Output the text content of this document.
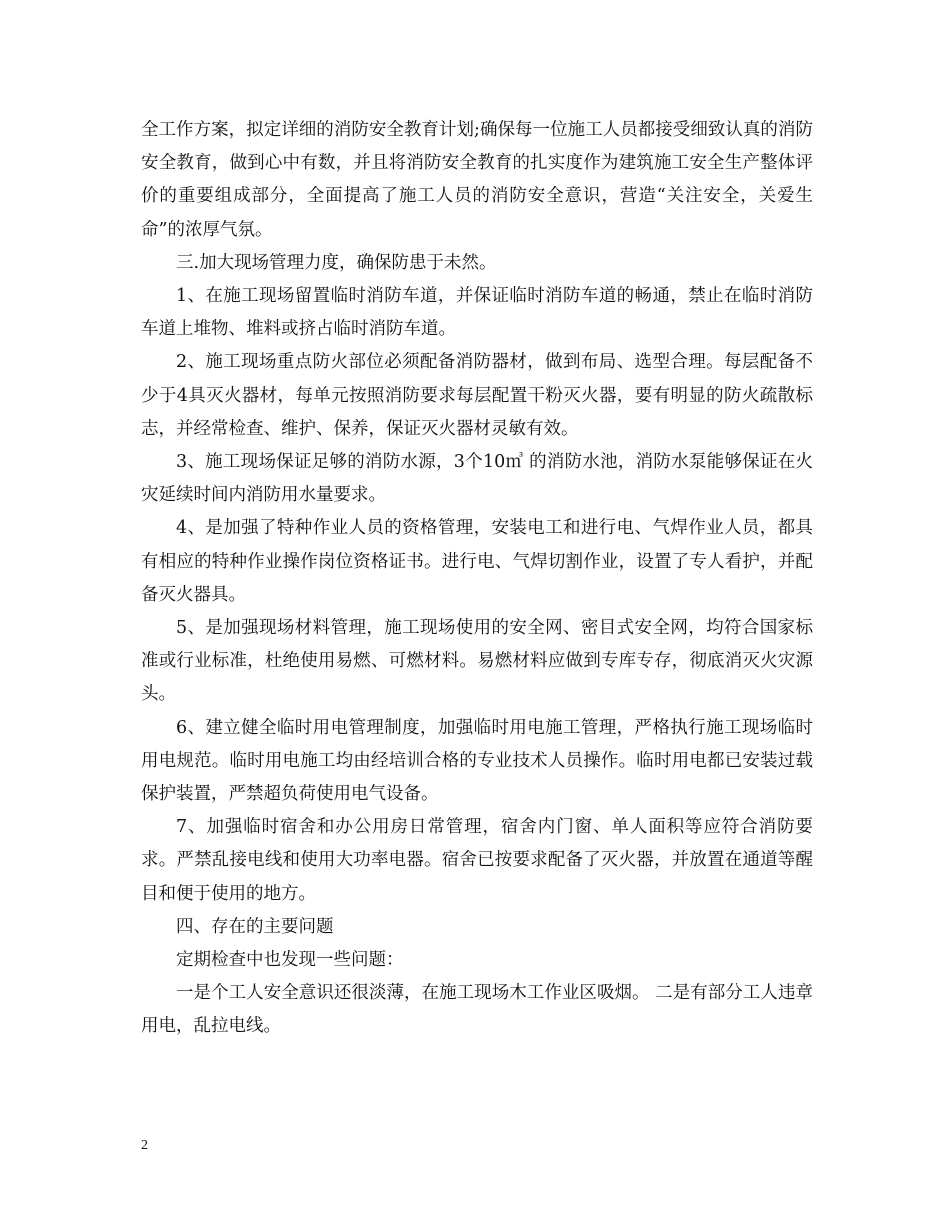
全工作方案，拟定详细的消防安全教育计划;确保每一位施工人员都接受细致认真的消防安全教育，做到心中有数，并且将消防安全教育的扎实度作为建筑施工安全生产整体评价的重要组成部分，全面提高了施工人员的消防安全意识，营造“关注安全，关爱生命”的浓厚气氛。

三.加大现场管理力度，确保防患于未然。

1、在施工现场留置临时消防车道，并保证临时消防车道的畅通，禁止在临时消防车道上堆物、堆料或挤占临时消防车道。

2、施工现场重点防火部位必须配备消防器材，做到布局、选型合理。每层配备不少于4具灭火器材，每单元按照消防要求每层配置干粉灭火器，要有明显的防火疏散标志，并经常检查、维护、保养，保证灭火器材灵敏有效。

3、施工现场保证足够的消防水源，3个10㎥ 的消防水池，消防水泵能够保证在火灾延续时间内消防用水量要求。

4、是加强了特种作业人员的资格管理，安装电工和进行电、气焊作业人员，都具有相应的特种作业操作岗位资格证书。进行电、气焊切割作业，设置了专人看护，并配备灭火器具。

5、是加强现场材料管理，施工现场使用的安全网、密目式安全网，均符合国家标准或行业标准，杜绝使用易燃、可燃材料。易燃材料应做到专库专存，彻底消灭火灾源头。

6、建立健全临时用电管理制度，加强临时用电施工管理，严格执行施工现场临时用电规范。临时用电施工均由经培训合格的专业技术人员操作。临时用电都已安装过载保护装置，严禁超负荷使用电气设备。

7、加强临时宿舍和办公用房日常管理，宿舍内门窗、单人面积等应符合消防要求。严禁乱接电线和使用大功率电器。宿舍已按要求配备了灭火器，并放置在通道等醒目和便于使用的地方。

四、存在的主要问题

定期检查中也发现一些问题：

一是个工人安全意识还很淡薄，在施工现场木工作业区吸烟。 二是有部分工人违章用电，乱拉电线。

2
